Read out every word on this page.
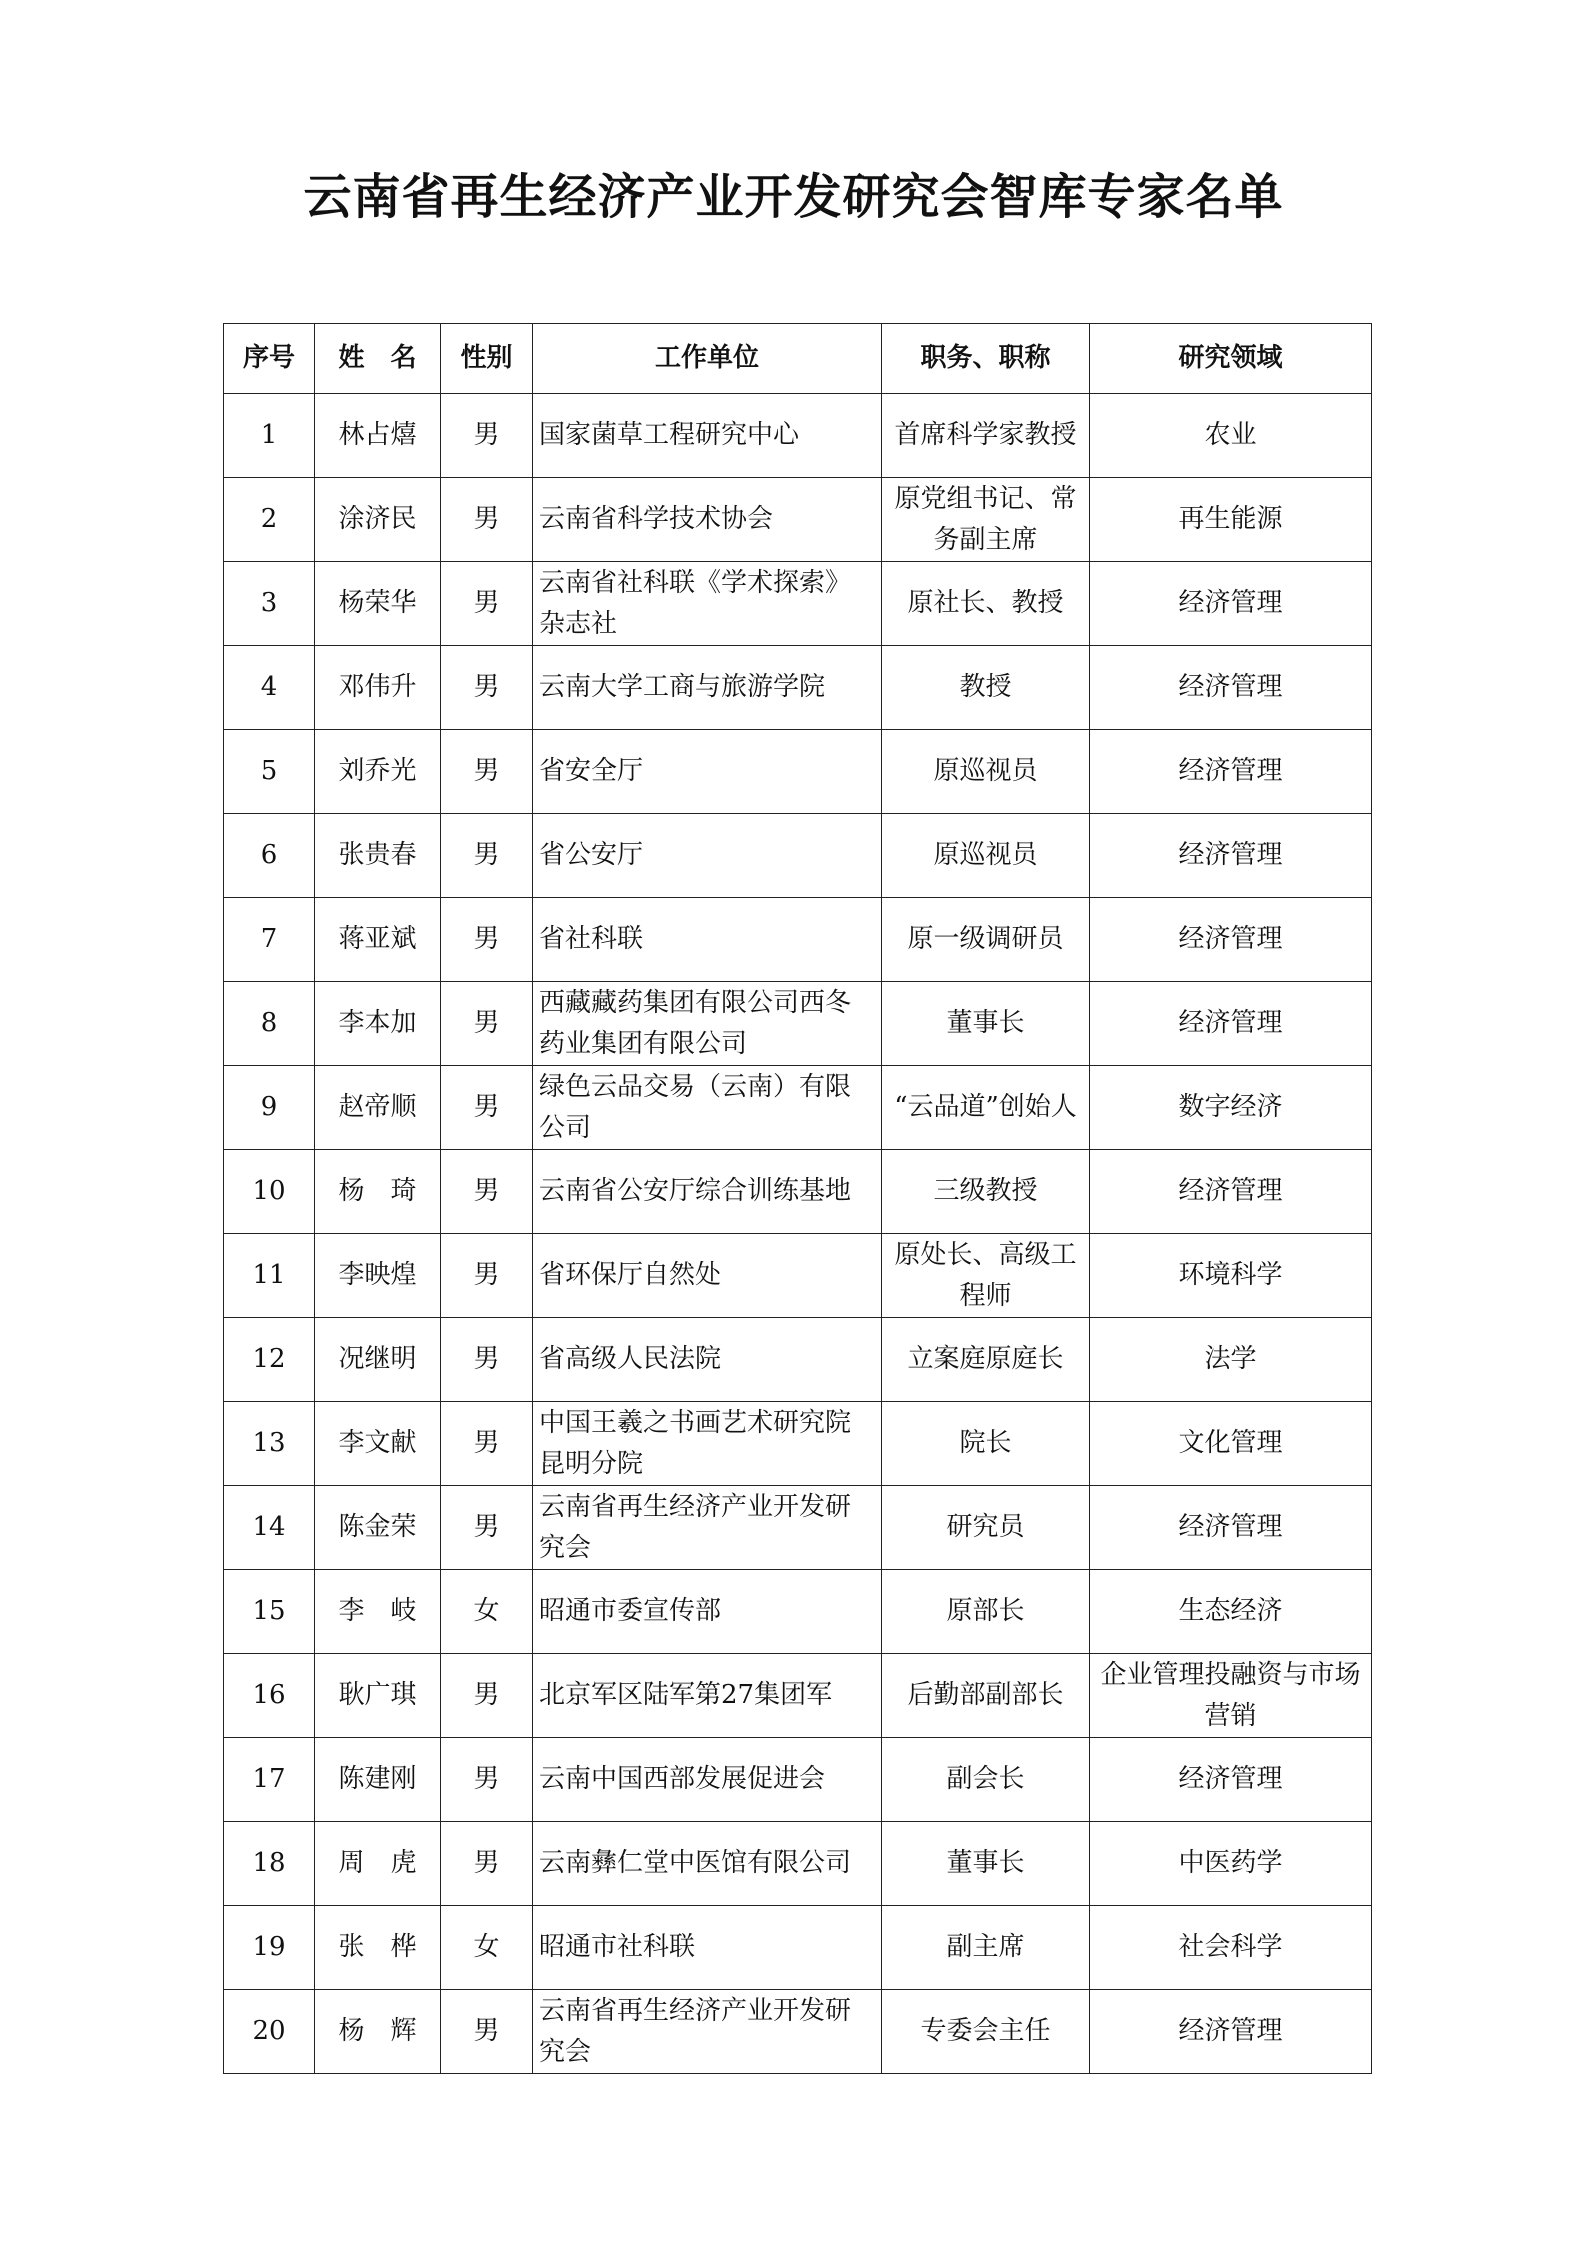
云南省再生经济产业开发研究会智库专家名单
序号	姓　名	性别	工作单位	职务、职称	研究领域
1	林占熺	男	国家菌草工程研究中心	首席科学家教授	农业
2	涂济民	男	云南省科学技术协会	原党组书记、常务副主席	再生能源
3	杨荣华	男	云南省社科联《学术探索》杂志社	原社长、教授	经济管理
4	邓伟升	男	云南大学工商与旅游学院	教授	经济管理
5	刘乔光	男	省安全厅	原巡视员	经济管理
6	张贵春	男	省公安厅	原巡视员	经济管理
7	蒋亚斌	男	省社科联	原一级调研员	经济管理
8	李本加	男	西藏藏药集团有限公司西冬药业集团有限公司	董事长	经济管理
9	赵帝顺	男	绿色云品交易（云南）有限公司	“云品道”创始人	数字经济
10	杨　琦	男	云南省公安厅综合训练基地	三级教授	经济管理
11	李映煌	男	省环保厅自然处	原处长、高级工程师	环境科学
12	况继明	男	省高级人民法院	立案庭原庭长	法学
13	李文献	男	中国王羲之书画艺术研究院昆明分院	院长	文化管理
14	陈金荣	男	云南省再生经济产业开发研究会	研究员	经济管理
15	李　岐	女	昭通市委宣传部	原部长	生态经济
16	耿广琪	男	北京军区陆军第27集团军	后勤部副部长	企业管理投融资与市场营销
17	陈建刚	男	云南中国西部发展促进会	副会长	经济管理
18	周　虎	男	云南彝仁堂中医馆有限公司	董事长	中医药学
19	张　桦	女	昭通市社科联	副主席	社会科学
20	杨　辉	男	云南省再生经济产业开发研究会	专委会主任	经济管理
